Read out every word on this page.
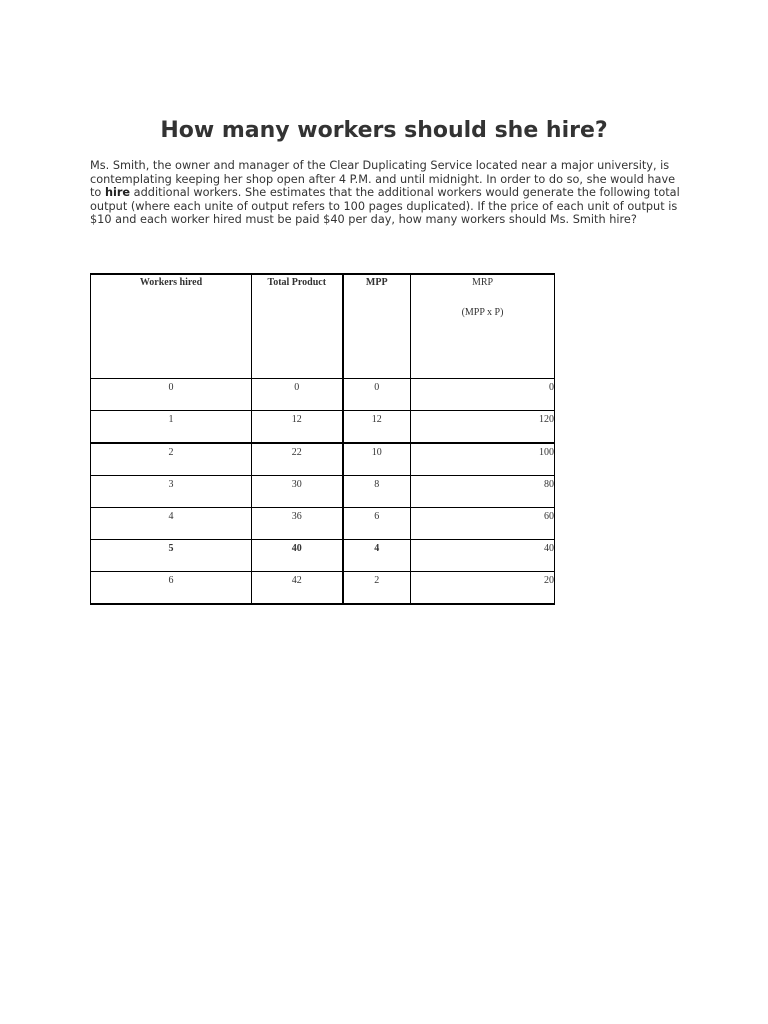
How many workers should she hire?
Ms. Smith, the owner and manager of the Clear Duplicating Service located near a major university, is contemplating keeping her shop open after 4 P.M. and until midnight. In order to do so, she would have to hire additional workers. She estimates that the additional workers would generate the following total output (where each unite of output refers to 100 pages duplicated). If the price of each unit of output is $10 and each worker hired must be paid $40 per day, how many workers should Ms. Smith hire?
Workers hired	Total Product	MPP	MRP
(MPP x P)

0	0	0	0
1	12	12	120
2	22	10	100
3	30	8	80
4	36	6	60
5	40	4	40
6	42	2	20
